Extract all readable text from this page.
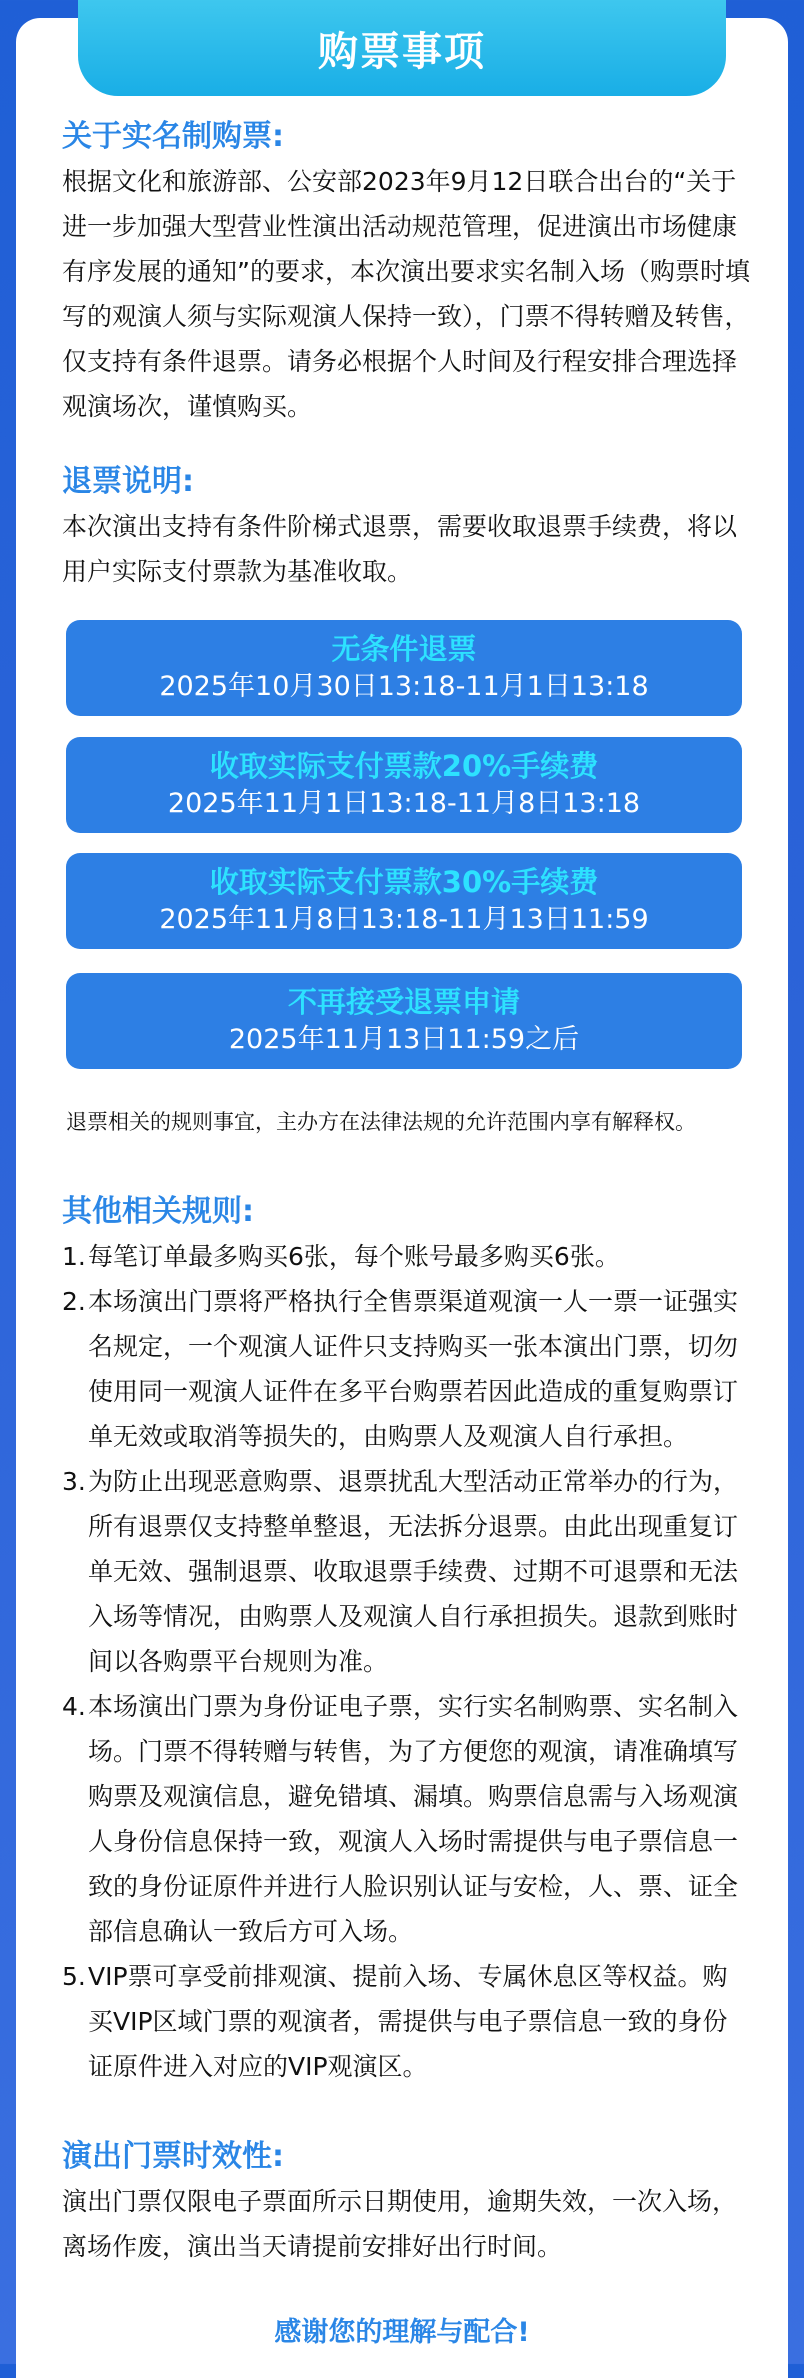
购票事项
关于实名制购票:
根据文化和旅游部、公安部2023年9月12日联合出台的“关于进一步加强大型营业性演出活动规范管理，促进演出市场健康有序发展的通知”的要求，本次演出要求实名制入场（购票时填写的观演人须与实际观演人保持一致），门票不得转赠及转售，仅支持有条件退票。请务必根据个人时间及行程安排合理选择观演场次，谨慎购买。
退票说明:
本次演出支持有条件阶梯式退票，需要收取退票手续费，将以用户实际支付票款为基准收取。
无条件退票
2025年10月30日13:18-11月1日13:18
收取实际支付票款20%手续费
2025年11月1日13:18-11月8日13:18
收取实际支付票款30%手续费
2025年11月8日13:18-11月13日11:59
不再接受退票申请
2025年11月13日11:59之后
退票相关的规则事宜，主办方在法律法规的允许范围内享有解释权。
其他相关规则:
1. 每笔订单最多购买6张，每个账号最多购买6张。
2. 本场演出门票将严格执行全售票渠道观演一人一票一证强实名规定，一个观演人证件只支持购买一张本演出门票，切勿使用同一观演人证件在多平台购票若因此造成的重复购票订单无效或取消等损失的，由购票人及观演人自行承担。
3. 为防止出现恶意购票、退票扰乱大型活动正常举办的行为，所有退票仅支持整单整退，无法拆分退票。由此出现重复订单无效、强制退票、收取退票手续费、过期不可退票和无法入场等情况，由购票人及观演人自行承担损失。退款到账时间以各购票平台规则为准。
4. 本场演出门票为身份证电子票，实行实名制购票、实名制入场。门票不得转赠与转售，为了方便您的观演，请准确填写购票及观演信息，避免错填、漏填。购票信息需与入场观演人身份信息保持一致，观演人入场时需提供与电子票信息一致的身份证原件并进行人脸识别认证与安检，人、票、证全部信息确认一致后方可入场。
5. VIP票可享受前排观演、提前入场、专属休息区等权益。购买VIP区域门票的观演者，需提供与电子票信息一致的身份证原件进入对应的VIP观演区。
演出门票时效性:
演出门票仅限电子票面所示日期使用，逾期失效，一次入场，离场作废，演出当天请提前安排好出行时间。
感谢您的理解与配合!
